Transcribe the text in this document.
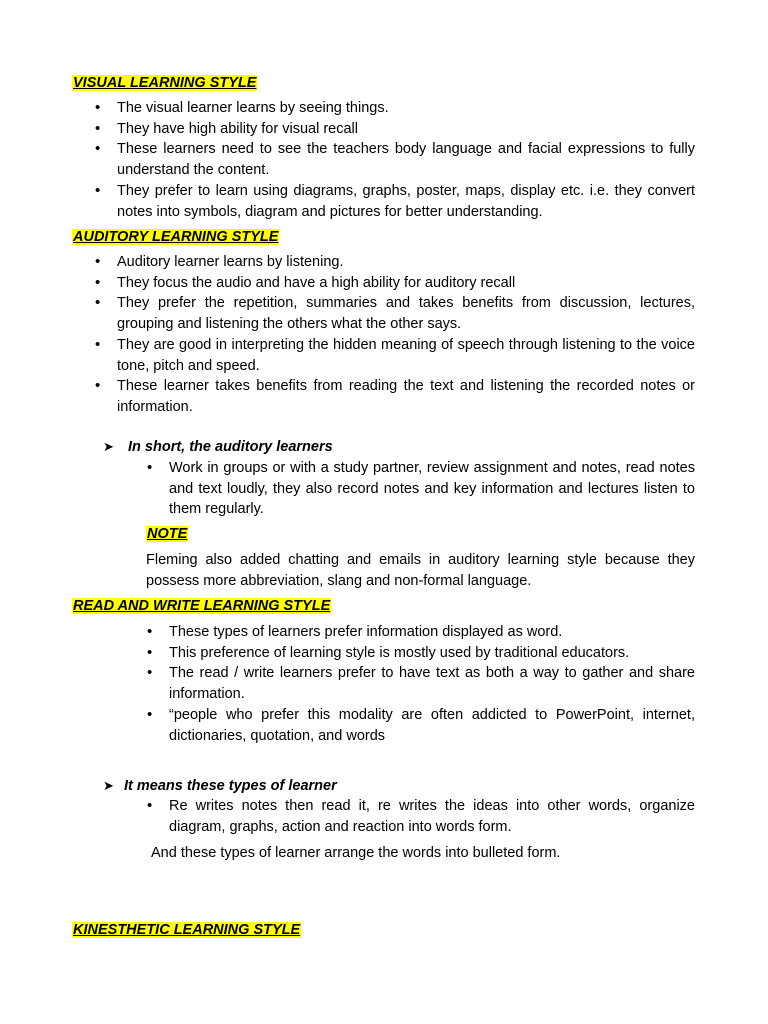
VISUAL LEARNING STYLE

• The visual learner learns by seeing things.
• They have high ability for visual recall
• These learners need to see the teachers body language and facial expressions to fully understand the content.
• They prefer to learn using diagrams, graphs, poster, maps, display etc. i.e. they convert notes into symbols, diagram and pictures for better understanding.

AUDITORY LEARNING STYLE

• Auditory learner learns by listening.
• They focus the audio and have a high ability for auditory recall
• They prefer the repetition, summaries and takes benefits from discussion, lectures, grouping and listening the others what the other says.
• They are good in interpreting the hidden meaning of speech through listening to the voice tone, pitch and speed.
• These learner takes benefits from reading the text and listening the recorded notes or information.
➤ In short, the auditory learners

• Work in groups or with a study partner, review assignment and notes, read notes and text loudly, they also record notes and key information and lectures listen to them regularly.

NOTE

Fleming also added chatting and emails in auditory learning style because they possess more abbreviation, slang and non-formal language.

READ AND WRITE LEARNING STYLE

• These types of learners prefer information displayed as word.
• This preference of learning style is mostly used by traditional educators.
• The read / write learners prefer to have text as both a way to gather and share information.
• “people who prefer this modality are often addicted to PowerPoint, internet, dictionaries, quotation, and words
➤ It means these types of learner

• Re writes notes then read it, re writes the ideas into other words, organize diagram, graphs, action and reaction into words form.

And these types of learner arrange the words into bulleted form.

KINESTHETIC LEARNING STYLE
